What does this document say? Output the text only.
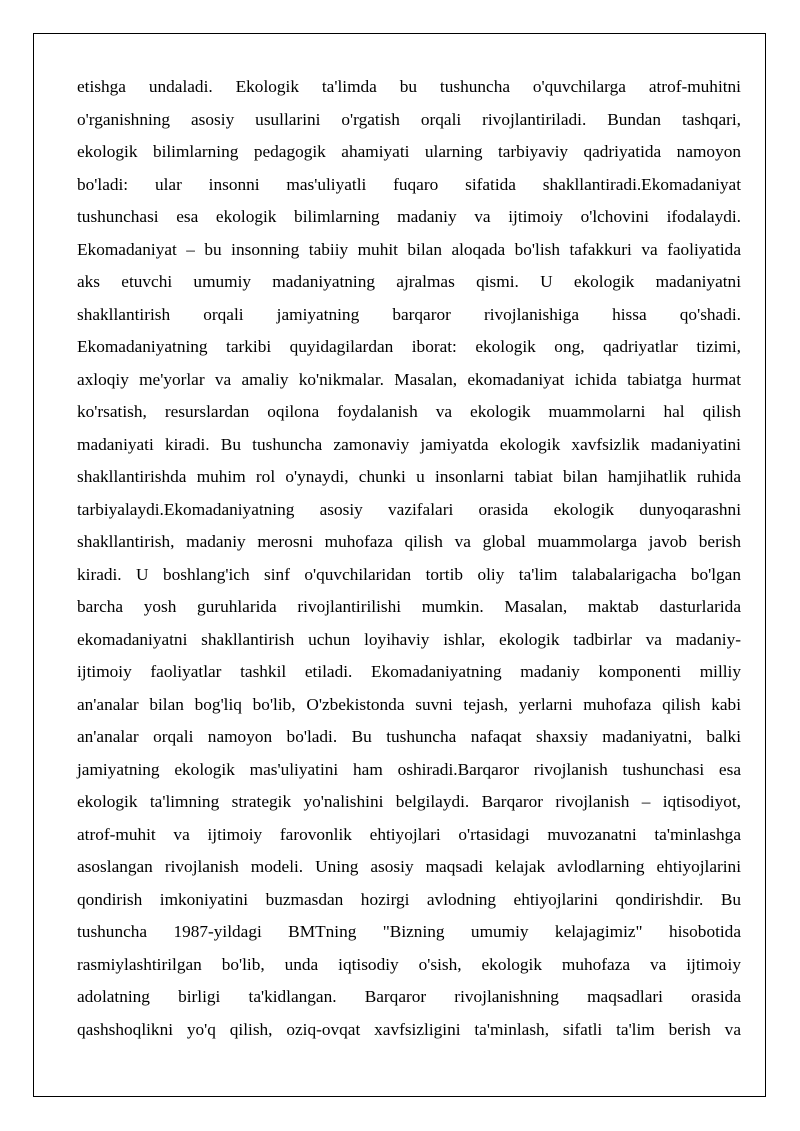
etishga undaladi. Ekologik ta'limda bu tushuncha o'quvchilarga atrof-muhitni
o'rganishning asosiy usullarini o'rgatish orqali rivojlantiriladi. Bundan tashqari,
ekologik bilimlarning pedagogik ahamiyati ularning tarbiyaviy qadriyatida namoyon
bo'ladi: ular insonni mas'uliyatli fuqaro sifatida shakllantiradi.Ekomadaniyat
tushunchasi esa ekologik bilimlarning madaniy va ijtimoiy o'lchovini ifodalaydi.
Ekomadaniyat – bu insonning tabiiy muhit bilan aloqada bo'lish tafakkuri va faoliyatida
aks etuvchi umumiy madaniyatning ajralmas qismi. U ekologik madaniyatni
shakllantirish orqali jamiyatning barqaror rivojlanishiga hissa qo'shadi.
Ekomadaniyatning tarkibi quyidagilardan iborat: ekologik ong, qadriyatlar tizimi,
axloqiy me'yorlar va amaliy ko'nikmalar. Masalan, ekomadaniyat ichida tabiatga hurmat
ko'rsatish, resurslardan oqilona foydalanish va ekologik muammolarni hal qilish
madaniyati kiradi. Bu tushuncha zamonaviy jamiyatda ekologik xavfsizlik madaniyatini
shakllantirishda muhim rol o'ynaydi, chunki u insonlarni tabiat bilan hamjihatlik ruhida
tarbiyalaydi.Ekomadaniyatning asosiy vazifalari orasida ekologik dunyoqarashni
shakllantirish, madaniy merosni muhofaza qilish va global muammolarga javob berish
kiradi. U boshlang'ich sinf o'quvchilaridan tortib oliy ta'lim talabalarigacha bo'lgan
barcha yosh guruhlarida rivojlantirilishi mumkin. Masalan, maktab dasturlarida
ekomadaniyatni shakllantirish uchun loyihaviy ishlar, ekologik tadbirlar va madaniy-
ijtimoiy faoliyatlar tashkil etiladi. Ekomadaniyatning madaniy komponenti milliy
an'analar bilan bog'liq bo'lib, O'zbekistonda suvni tejash, yerlarni muhofaza qilish kabi
an'analar orqali namoyon bo'ladi. Bu tushuncha nafaqat shaxsiy madaniyatni, balki
jamiyatning ekologik mas'uliyatini ham oshiradi.Barqaror rivojlanish tushunchasi esa
ekologik ta'limning strategik yo'nalishini belgilaydi. Barqaror rivojlanish – iqtisodiyot,
atrof-muhit va ijtimoiy farovonlik ehtiyojlari o'rtasidagi muvozanatni ta'minlashga
asoslangan rivojlanish modeli. Uning asosiy maqsadi kelajak avlodlarning ehtiyojlarini
qondirish imkoniyatini buzmasdan hozirgi avlodning ehtiyojlarini qondirishdir. Bu
tushuncha 1987-yildagi BMTning "Bizning umumiy kelajagimiz" hisobotida
rasmiylashtirilgan bo'lib, unda iqtisodiy o'sish, ekologik muhofaza va ijtimoiy
adolatning birligi ta'kidlangan. Barqaror rivojlanishning maqsadlari orasida
qashshoqlikni yo'q qilish, oziq-ovqat xavfsizligini ta'minlash, sifatli ta'lim berish va
